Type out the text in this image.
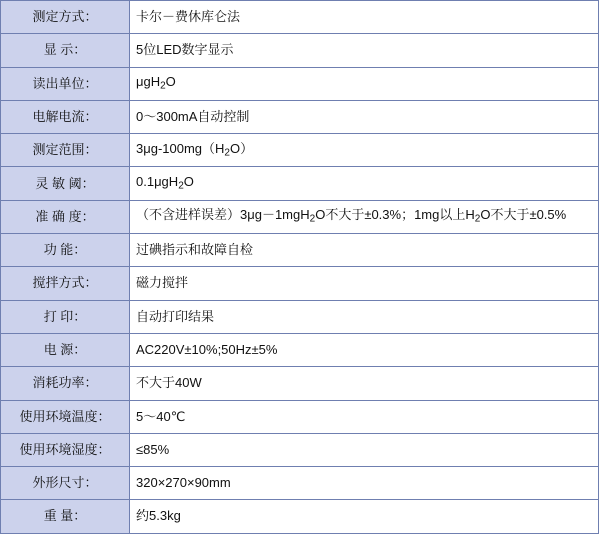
测定方式：	卡尔－费休库仑法
显 示：	5位LED数字显示
读出单位：	μgH$_2$O
电解电流：	0～300mA自动控制
测定范围：	$3\mu g-100mg(H_2O)$
灵 敏 阈：	0.1μgH$_2$O
准 确 度：	（不含进样误差）3μg－1mgH$_2$O不大于±0.3%；1mg以上$H_2O$不大于±0.5%
功 能：	过碘指示和故障自检
搅拌方式：	磁力搅拌
打 印：	自动打印结果
电 源：	AC220V±10%;50Hz±5%
消耗功率：	不大于40W
使用环境温度：	5～40℃
使用环境湿度：	≤85%
外形尺寸：	320×270×90mm
重 量：	约5.3kg
